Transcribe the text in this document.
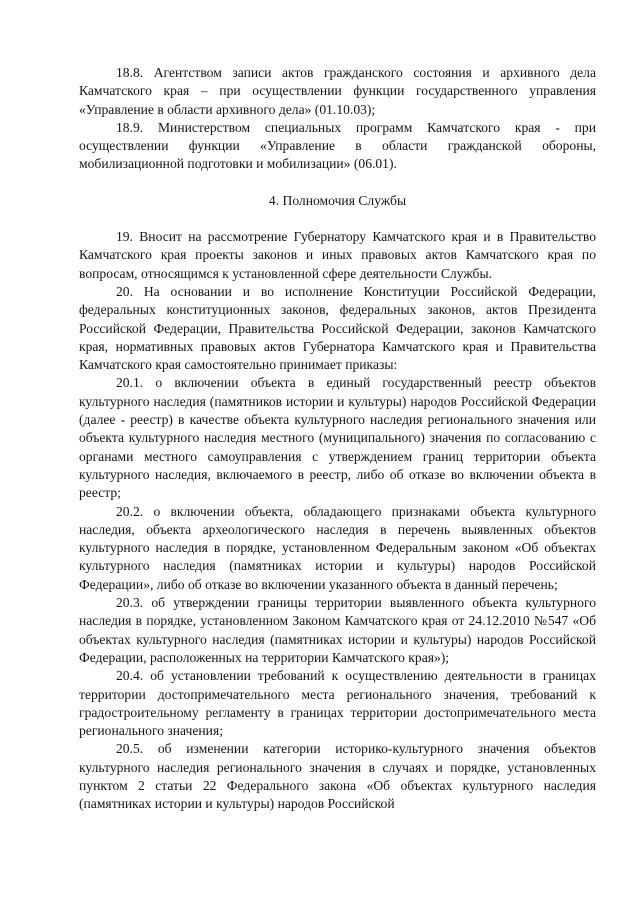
18.8. Агентством записи актов гражданского состояния и архивного дела Камчатского края – при осуществлении функции государственного управления «Управление в области архивного дела» (01.10.03);

18.9. Министерством специальных программ Камчатского края - при осуществлении функции «Управление в области гражданской обороны, мобилизационной подготовки и мобилизации» (06.01).

4. Полномочия Службы

19. Вносит на рассмотрение Губернатору Камчатского края и в Правительство Камчатского края проекты законов и иных правовых актов Камчатского края по вопросам, относящимся к установленной сфере деятельности Службы.

20. На основании и во исполнение Конституции Российской Федерации, федеральных конституционных законов, федеральных законов, актов Президента Российской Федерации, Правительства Российской Федерации, законов Камчатского края, нормативных правовых актов Губернатора Камчатского края и Правительства Камчатского края самостоятельно принимает приказы:

20.1. о включении объекта в единый государственный реестр объектов культурного наследия (памятников истории и культуры) народов Российской Федерации (далее - реестр) в качестве объекта культурного наследия регионального значения или объекта культурного наследия местного (муниципального) значения по согласованию с органами местного самоуправления с утверждением границ территории объекта культурного наследия, включаемого в реестр, либо об отказе во включении объекта в реестр;

20.2. о включении объекта, обладающего признаками объекта культурного наследия, объекта археологического наследия в перечень выявленных объектов культурного наследия в порядке, установленном Федеральным законом «Об объектах культурного наследия (памятниках истории и культуры) народов Российской Федерации», либо об отказе во включении указанного объекта в данный перечень;

20.3. об утверждении границы территории выявленного объекта культурного наследия в порядке, установленном Законом Камчатского края от 24.12.2010 №547 «Об объектах культурного наследия (памятниках истории и культуры) народов Российской Федерации, расположенных на территории Камчатского края»);

20.4. об установлении требований к осуществлению деятельности в границах территории достопримечательного места регионального значения, требований к градостроительному регламенту в границах территории достопримечательного места регионального значения;

20.5. об изменении категории историко-культурного значения объектов культурного наследия регионального значения в случаях и порядке, установленных пунктом 2 статьи 22 Федерального закона «Об объектах культурного наследия (памятниках истории и культуры) народов Российской
